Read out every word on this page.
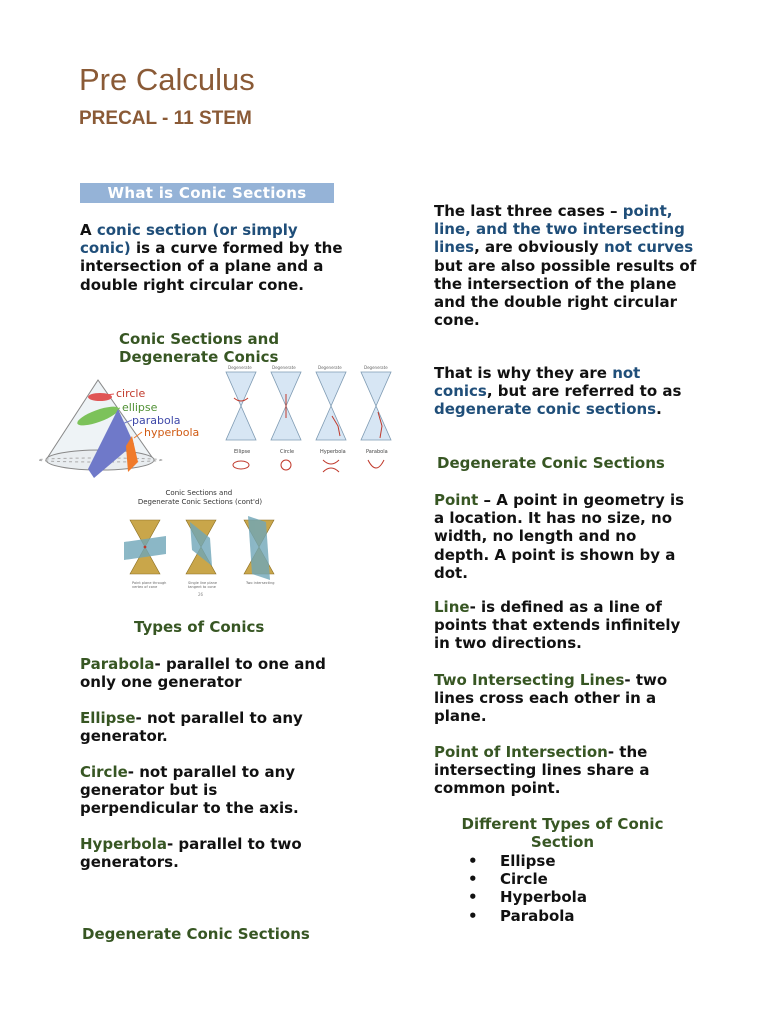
Pre Calculus
PRECAL - 11 STEM
What is Conic Sections

A conic section (or simply conic) is a curve formed by the intersection of a plane and a double right circular cone.

Conic Sections and Degenerate Conics

circle
ellipse
parabola
hyperbola
Degenerate	Degenerate	Degenerate	Degenerate
Ellipse	Circle	Hyperbola	Parabola
Conic Sections and Degenerate Conic Sections (cont'd)
Point plane through
vertex of cone
Single line plane
tangent to cone
Two intersecting
26

Types of Conics

Parabola- parallel to one and only one generator

Ellipse- not parallel to any generator.

Circle- not parallel to any generator but is perpendicular to the axis.

Hyperbola- parallel to two generators.

Degenerate Conic Sections

The last three cases – point, line, and the two intersecting lines, are obviously not curves but are also possible results of the intersection of the plane and the double right circular cone.

That is why they are not conics, but are referred to as degenerate conic sections.

Degenerate Conic Sections

Point – A point in geometry is a location. It has no size, no width, no length and no depth. A point is shown by a dot.

Line- is defined as a line of points that extends infinitely in two directions.

Two Intersecting Lines- two lines cross each other in a plane.

Point of Intersection- the intersecting lines share a common point.

Different Types of Conic Section

• Ellipse
• Circle
• Hyperbola
• Parabola
